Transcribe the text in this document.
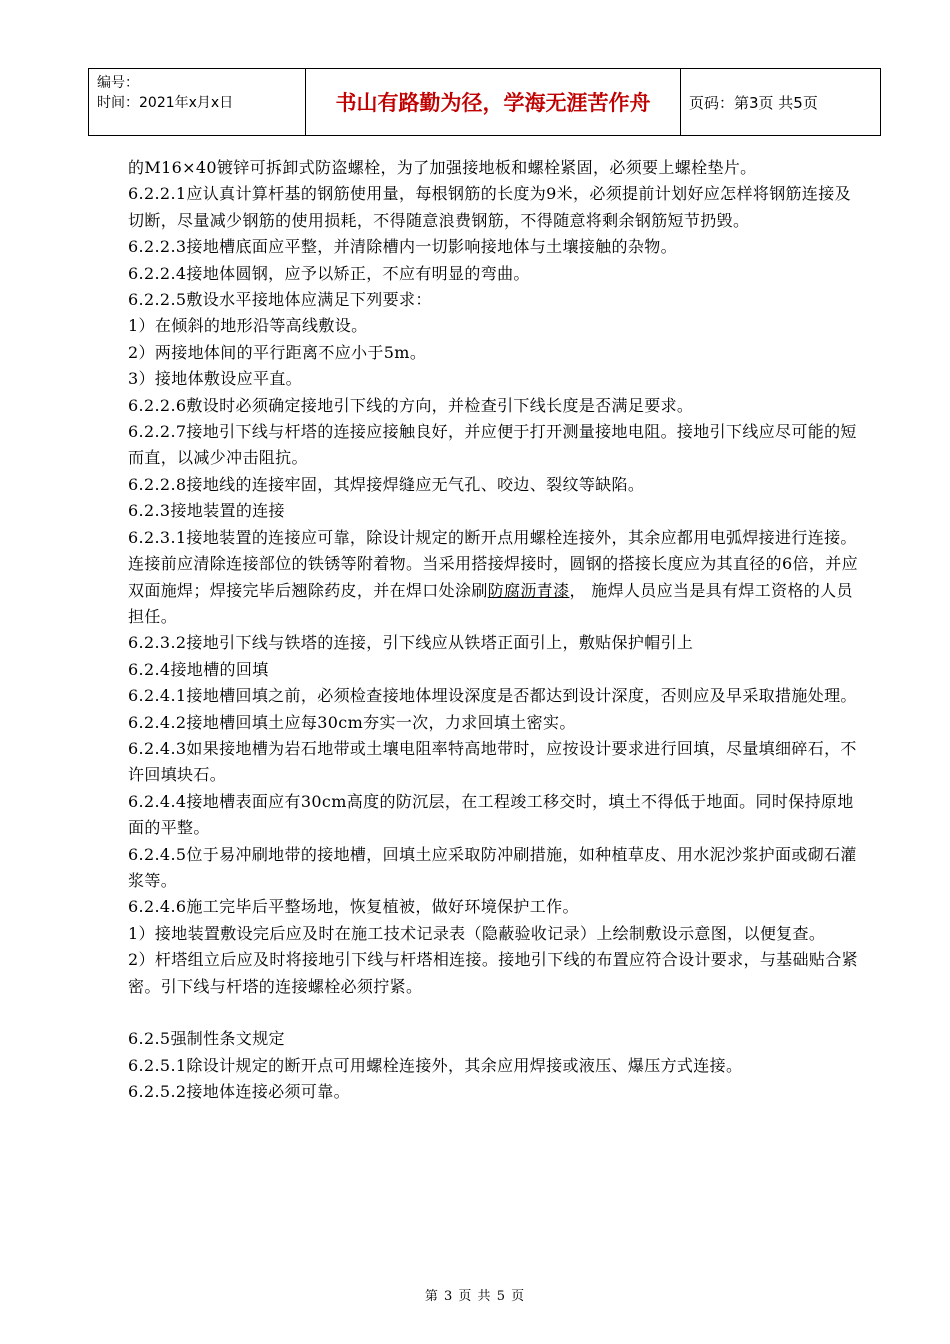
编号：
时间：2021年x月x日	书山有路勤为径，学海无涯苦作舟	页码：第3页 共5页

的M16×40镀锌可拆卸式防盗螺栓，为了加强接地板和螺栓紧固，必须要上螺栓垫片。

6.2.2.1应认真计算杆基的钢筋使用量，每根钢筋的长度为9米，必须提前计划好应怎样将钢筋连接及切断，尽量减少钢筋的使用损耗，不得随意浪费钢筋，不得随意将剩余钢筋短节扔毁。

6.2.2.3接地槽底面应平整，并清除槽内一切影响接地体与土壤接触的杂物。

6.2.2.4接地体圆钢，应予以矫正，不应有明显的弯曲。

6.2.2.5敷设水平接地体应满足下列要求：

1）在倾斜的地形沿等高线敷设。

2）两接地体间的平行距离不应小于5m。

3）接地体敷设应平直。

6.2.2.6敷设时必须确定接地引下线的方向，并检查引下线长度是否满足要求。

6.2.2.7接地引下线与杆塔的连接应接触良好，并应便于打开测量接地电阻。接地引下线应尽可能的短而直，以减少冲击阻抗。

6.2.2.8接地线的连接牢固，其焊接焊缝应无气孔、咬边、裂纹等缺陷。

6.2.3接地装置的连接

6.2.3.1接地装置的连接应可靠，除设计规定的断开点用螺栓连接外，其余应都用电弧焊接进行连接。连接前应清除连接部位的铁锈等附着物。当采用搭接焊接时，圆钢的搭接长度应为其直径的6倍，并应双面施焊；焊接完毕后翘除药皮，并在焊口处涂刷防腐沥青漆， 施焊人员应当是具有焊工资格的人员担任。

6.2.3.2接地引下线与铁塔的连接，引下线应从铁塔正面引上，敷贴保护帽引上

6.2.4接地槽的回填

6.2.4.1接地槽回填之前，必须检查接地体埋设深度是否都达到设计深度，否则应及早采取措施处理。

6.2.4.2接地槽回填土应每30cm夯实一次，力求回填土密实。

6.2.4.3如果接地槽为岩石地带或土壤电阻率特高地带时，应按设计要求进行回填，尽量填细碎石，不许回填块石。

6.2.4.4接地槽表面应有30cm高度的防沉层，在工程竣工移交时，填土不得低于地面。同时保持原地面的平整。

6.2.4.5位于易冲刷地带的接地槽，回填土应采取防冲刷措施，如种植草皮、用水泥沙浆护面或砌石灌浆等。

6.2.4.6施工完毕后平整场地，恢复植被，做好环境保护工作。

1）接地装置敷设完后应及时在施工技术记录表（隐蔽验收记录）上绘制敷设示意图，以便复查。

2）杆塔组立后应及时将接地引下线与杆塔相连接。接地引下线的布置应符合设计要求，与基础贴合紧密。引下线与杆塔的连接螺栓必须拧紧。

6.2.5强制性条文规定

6.2.5.1除设计规定的断开点可用螺栓连接外，其余应用焊接或液压、爆压方式连接。

6.2.5.2接地体连接必须可靠。

第 3 页 共 5 页
